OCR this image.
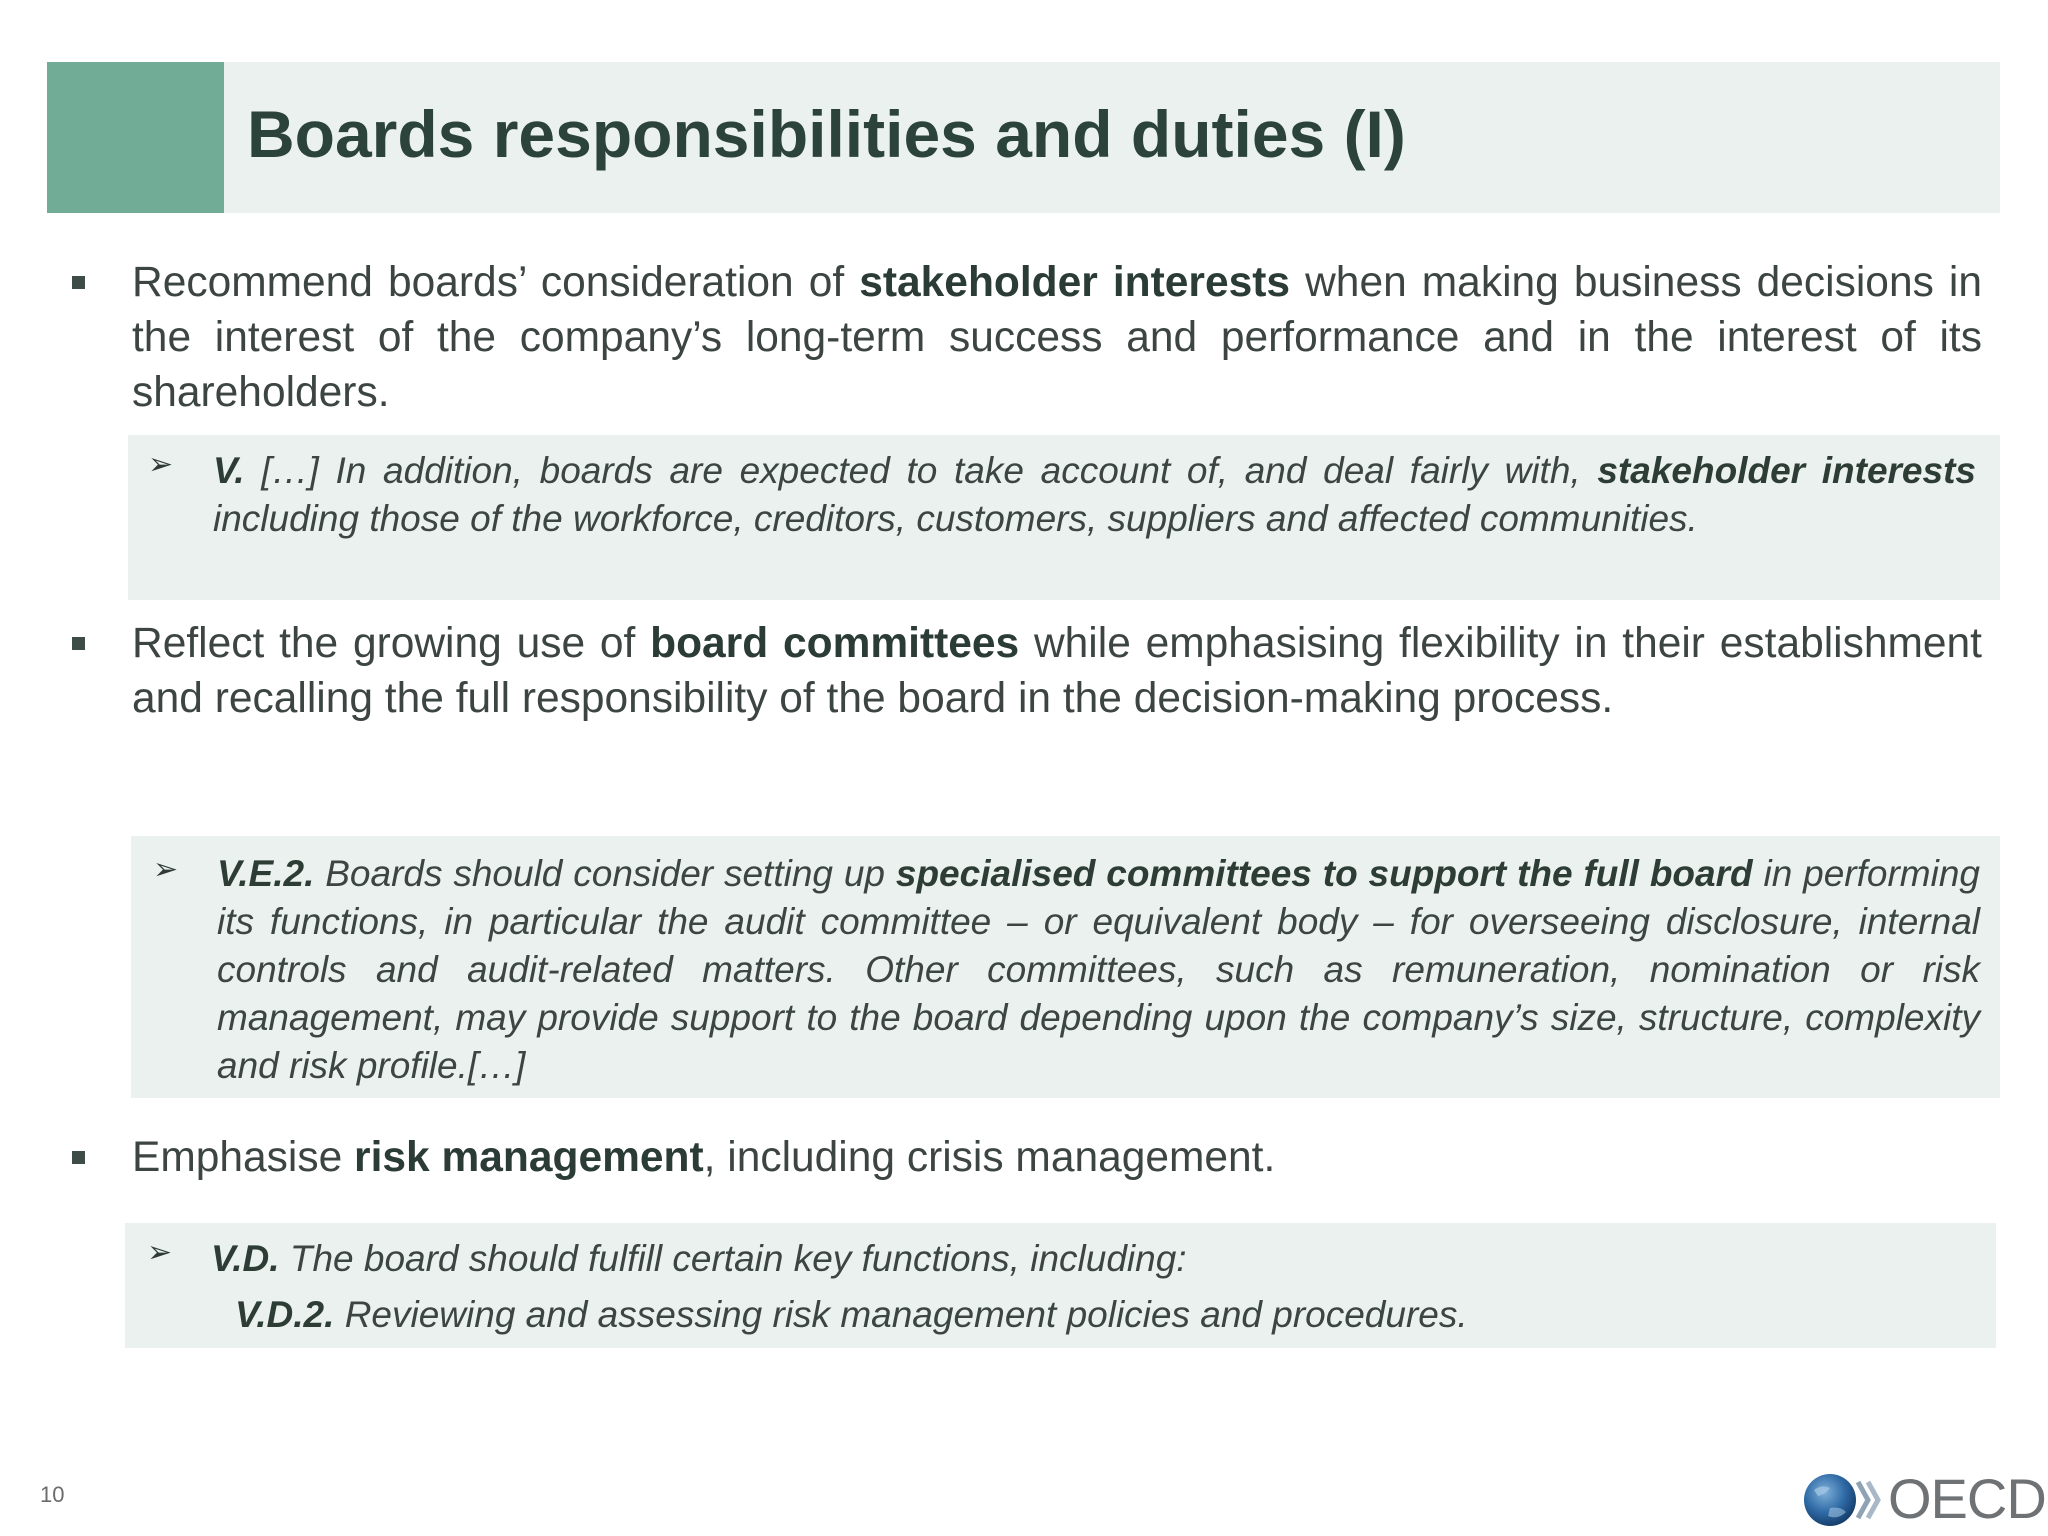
Boards responsibilities and duties (I)

Recommend boards’ consideration of stakeholder interests when making business decisions in the interest of the company’s long-term success and performance and in the interest of its shareholders.

➢ V. […] In addition, boards are expected to take account of, and deal fairly with, stakeholder interests including those of the workforce, creditors, customers, suppliers and affected communities.

Reflect the growing use of board committees while emphasising flexibility in their establishment and recalling the full responsibility of the board in the decision-making process.

➢ V.E.2. Boards should consider setting up specialised committees to support the full board in performing its functions, in particular the audit committee – or equivalent body – for overseeing disclosure, internal controls and audit-related matters. Other committees, such as remuneration, nomination or risk management, may provide support to the board depending upon the company’s size, structure, complexity and risk profile.[…]

Emphasise risk management, including crisis management.

➢ V.D. The board should fulfill certain key functions, including:

V.D.2. Reviewing and assessing risk management policies and procedures.

10	OECD
